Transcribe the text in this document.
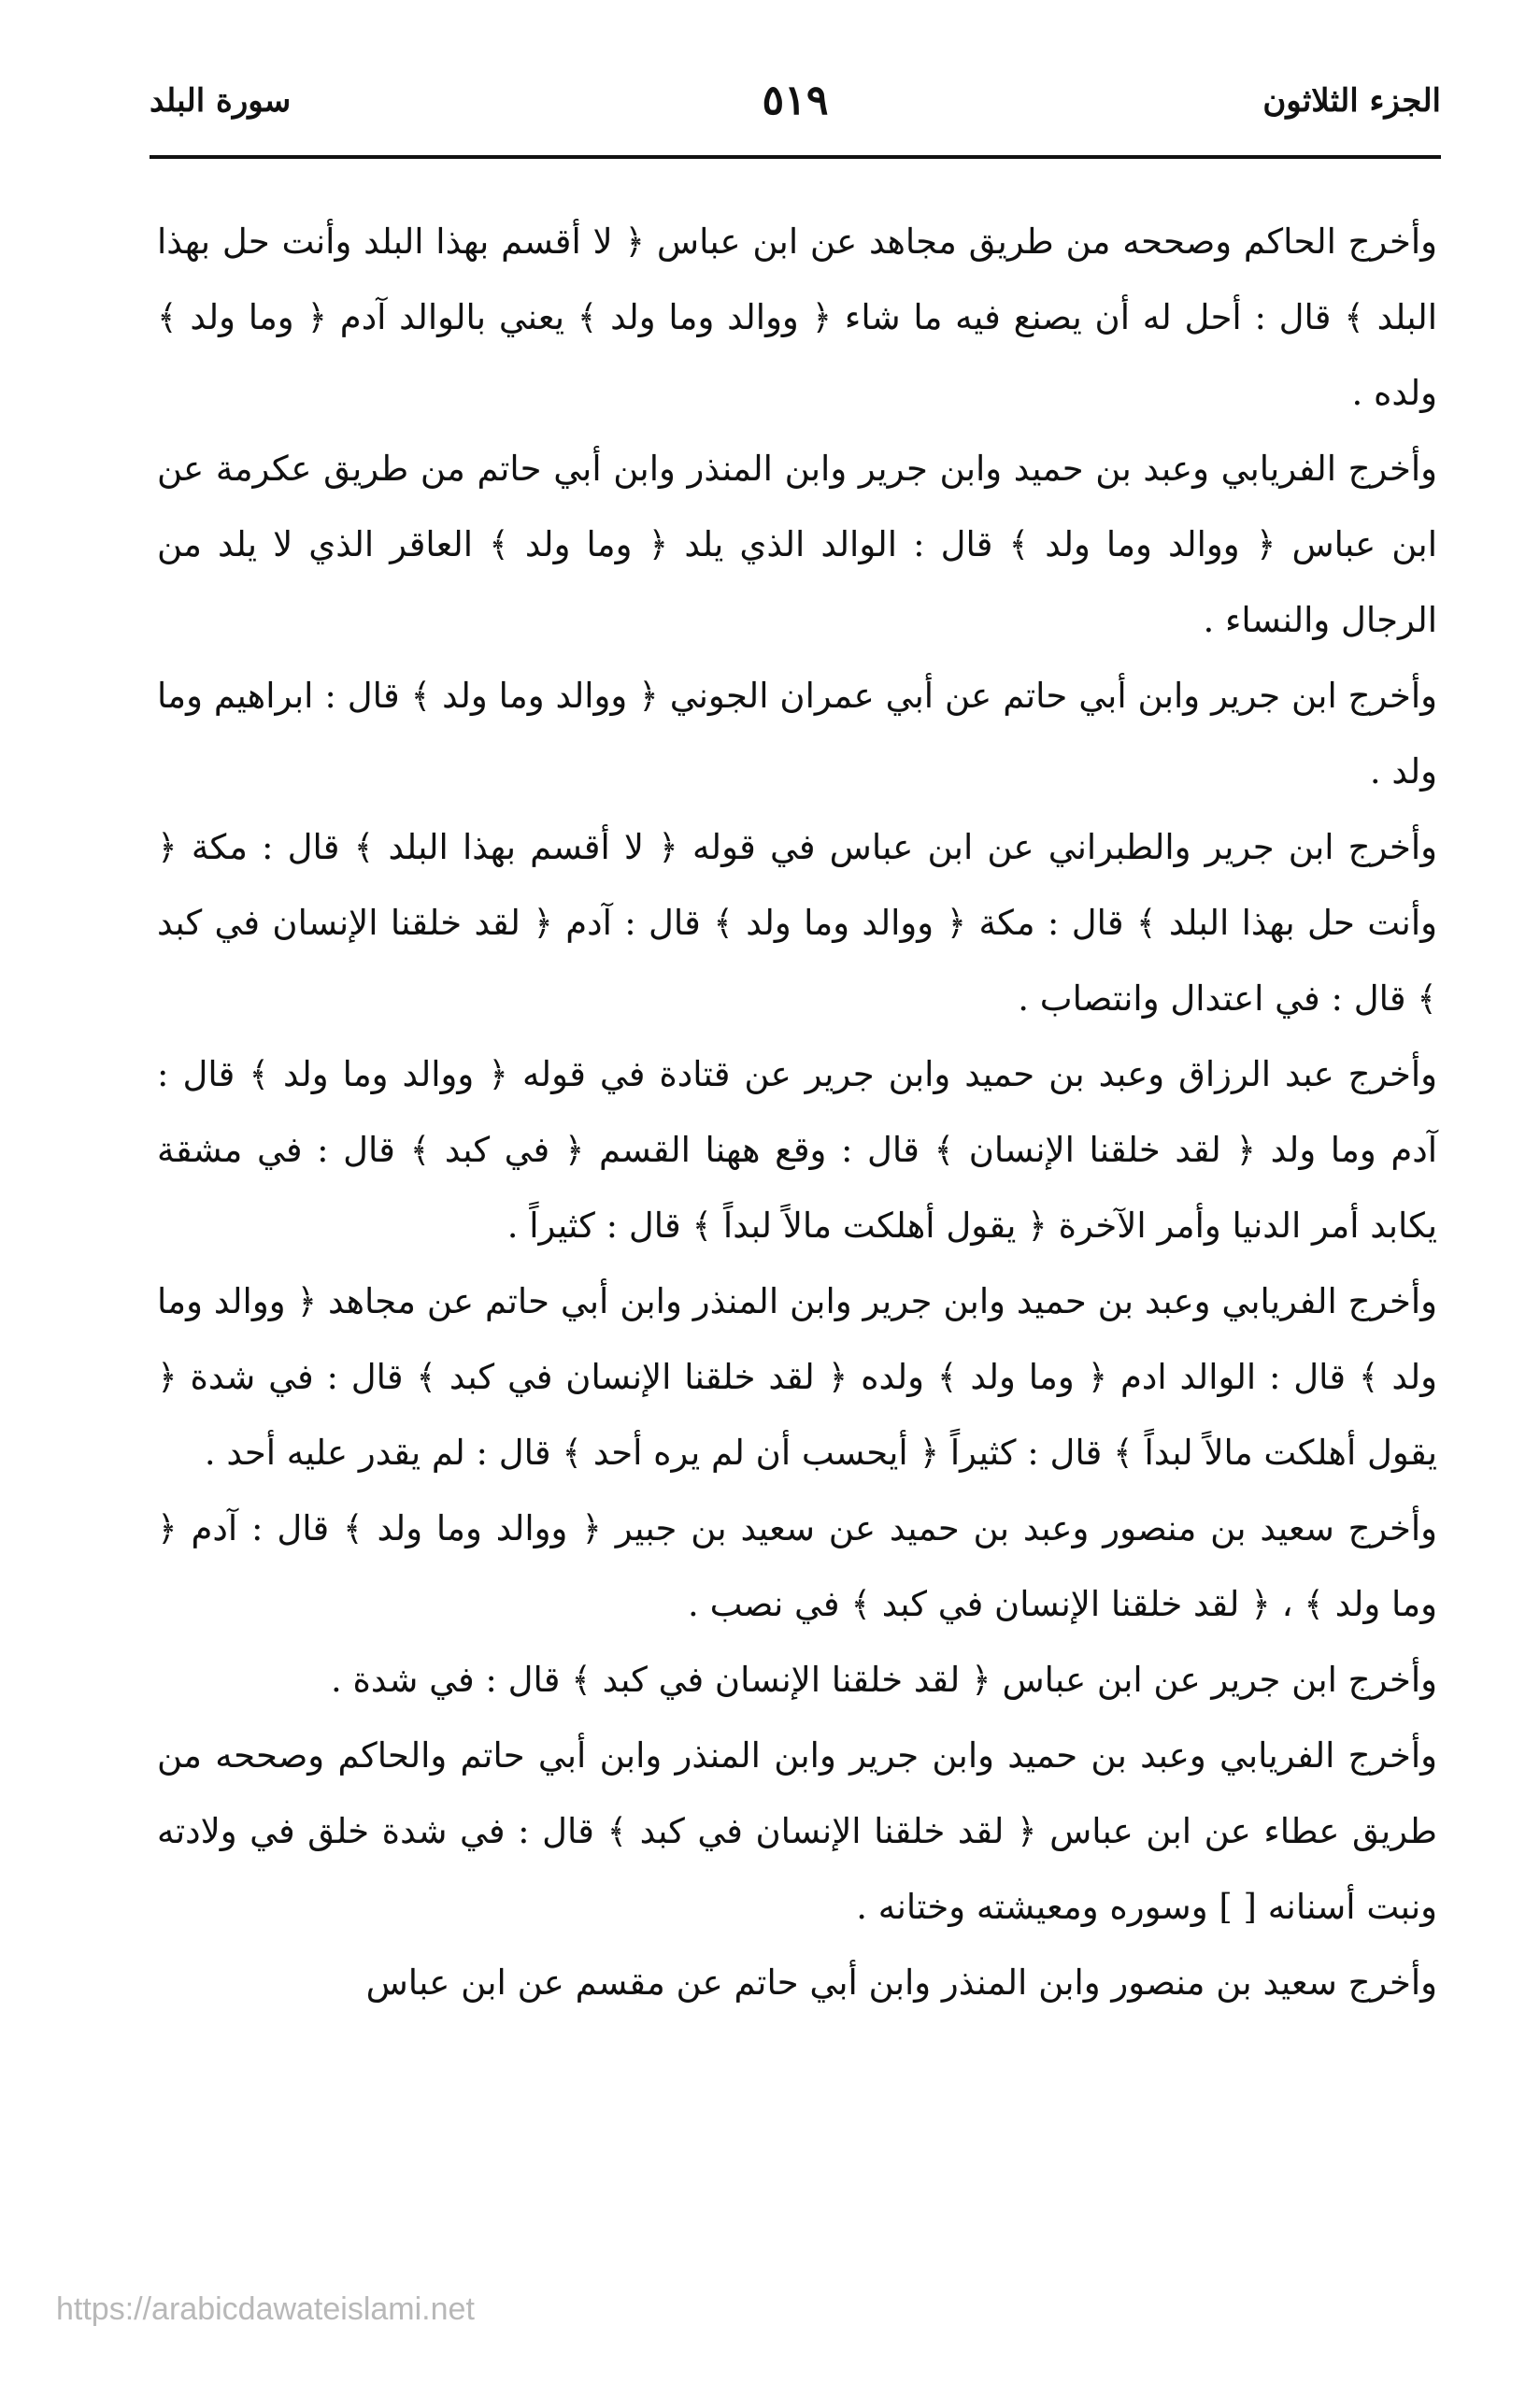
الجزء الثلاثون
٥١٩
سورة البلد

وأخرج الحاكم وصححه من طريق مجاهد عن ابن عباس ﴿ لا أقسم بهذا البلد وأنت حل بهذا البلد ﴾ قال : أحل له أن يصنع فيه ما شاء ﴿ ووالد وما ولد ﴾ يعني بالوالد آدم ﴿ وما ولد ﴾ ولده .

وأخرج الفريابي وعبد بن حميد وابن جرير وابن المنذر وابن أبي حاتم من طريق عكرمة عن ابن عباس ﴿ ووالد وما ولد ﴾ قال : الوالد الذي يلد ﴿ وما ولد ﴾ العاقر الذي لا يلد من الرجال والنساء .

وأخرج ابن جرير وابن أبي حاتم عن أبي عمران الجوني ﴿ ووالد وما ولد ﴾ قال : ابراهيم وما ولد .

وأخرج ابن جرير والطبراني عن ابن عباس في قوله ﴿ لا أقسم بهذا البلد ﴾ قال : مكة ﴿ وأنت حل بهذا البلد ﴾ قال : مكة ﴿ ووالد وما ولد ﴾ قال : آدم ﴿ لقد خلقنا الإنسان في كبد ﴾ قال : في اعتدال وانتصاب .

وأخرج عبد الرزاق وعبد بن حميد وابن جرير عن قتادة في قوله ﴿ ووالد وما ولد ﴾ قال : آدم وما ولد ﴿ لقد خلقنا الإنسان ﴾ قال : وقع ههنا القسم ﴿ في كبد ﴾ قال : في مشقة يكابد أمر الدنيا وأمر الآخرة ﴿ يقول أهلكت مالاً لبداً ﴾ قال : كثيراً .

وأخرج الفريابي وعبد بن حميد وابن جرير وابن المنذر وابن أبي حاتم عن مجاهد ﴿ ووالد وما ولد ﴾ قال : الوالد ادم ﴿ وما ولد ﴾ ولده ﴿ لقد خلقنا الإنسان في كبد ﴾ قال : في شدة ﴿ يقول أهلكت مالاً لبداً ﴾ قال : كثيراً ﴿ أيحسب أن لم يره أحد ﴾ قال : لم يقدر عليه أحد .

وأخرج سعيد بن منصور وعبد بن حميد عن سعيد بن جبير ﴿ ووالد وما ولد ﴾ قال : آدم ﴿ وما ولد ﴾ ، ﴿ لقد خلقنا الإنسان في كبد ﴾ في نصب .

وأخرج ابن جرير عن ابن عباس ﴿ لقد خلقنا الإنسان في كبد ﴾ قال : في شدة .

وأخرج الفريابي وعبد بن حميد وابن جرير وابن المنذر وابن أبي حاتم والحاكم وصححه من طريق عطاء عن ابن عباس ﴿ لقد خلقنا الإنسان في كبد ﴾ قال : في شدة خلق في ولادته ونبت أسنانه [ ] وسوره ومعيشته وختانه .

وأخرج سعيد بن منصور وابن المنذر وابن أبي حاتم عن مقسم عن ابن عباس

https://arabicdawateislami.net
